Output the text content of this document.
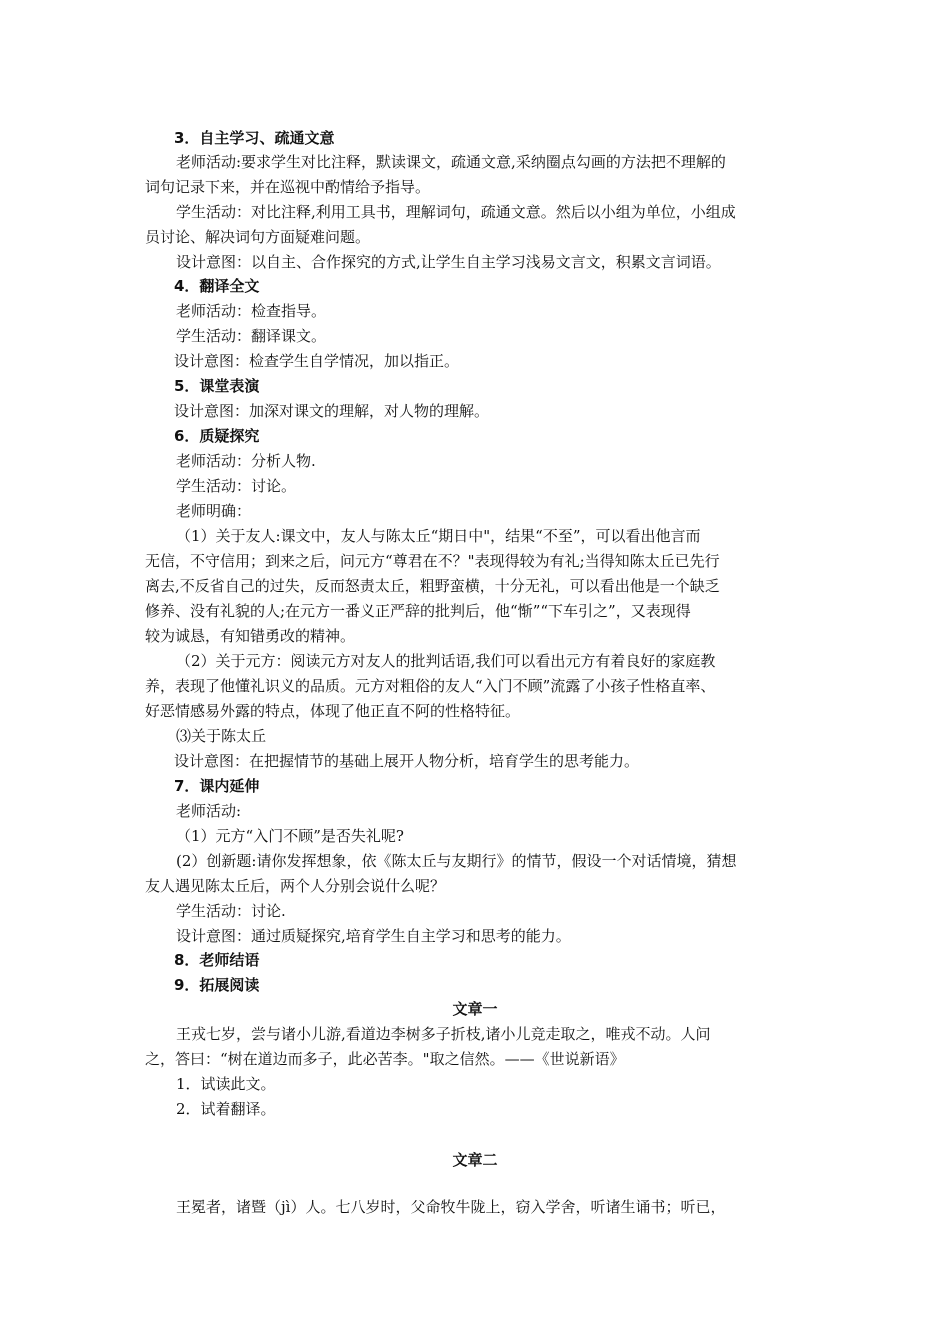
3．自主学习、疏通文意
老师活动:要求学生对比注释，默读课文，疏通文意,采纳圈点勾画的方法把不理解的
词句记录下来，并在巡视中酌情给予指导。
学生活动：对比注释,利用工具书，理解词句，疏通文意。然后以小组为单位，小组成
员讨论、解决词句方面疑难问题。
设计意图：以自主、合作探究的方式,让学生自主学习浅易文言文，积累文言词语。
4．翻译全文
老师活动：检查指导。
学生活动：翻译课文。
设计意图：检查学生自学情况，加以指正。
5．课堂表演
设计意图：加深对课文的理解，对人物的理解。
6．质疑探究
老师活动：分析人物.
学生活动：讨论。
老师明确：
（1）关于友人:课文中，友人与陈太丘“期日中"，结果“不至”，可以看出他言而
无信，不守信用；到来之后，问元方“尊君在不？"表现得较为有礼;当得知陈太丘已先行
离去,不反省自己的过失，反而怒责太丘，粗野蛮横，十分无礼，可以看出他是一个缺乏
修养、没有礼貌的人;在元方一番义正严辞的批判后，他“惭”“下车引之”，又表现得
较为诚恳，有知错勇改的精神。
（2）关于元方：阅读元方对友人的批判话语,我们可以看出元方有着良好的家庭教
养，表现了他懂礼识义的品质。元方对粗俗的友人“入门不顾”流露了小孩子性格直率、
好恶情感易外露的特点，体现了他正直不阿的性格特征。
⑶关于陈太丘
设计意图：在把握情节的基础上展开人物分析，培育学生的思考能力。
7．课内延伸
老师活动:
（1）元方“入门不顾”是否失礼呢?
(2）创新题:请你发挥想象，依《陈太丘与友期行》的情节，假设一个对话情境，猜想
友人遇见陈太丘后，两个人分别会说什么呢？
学生活动：讨论.
设计意图：通过质疑探究,培育学生自主学习和思考的能力。
8．老师结语
9．拓展阅读
文章一
王戎七岁，尝与诸小儿游,看道边李树多子折枝,诸小儿竞走取之，唯戎不动。人问
之，答曰：“树在道边而多子，此必苦李。"取之信然。——《世说新语》
1．试读此文。
2．试着翻译。
文章二
王冕者，诸暨（jì）人。七八岁时，父命牧牛陇上，窃入学舍，听诸生诵书；听已，
